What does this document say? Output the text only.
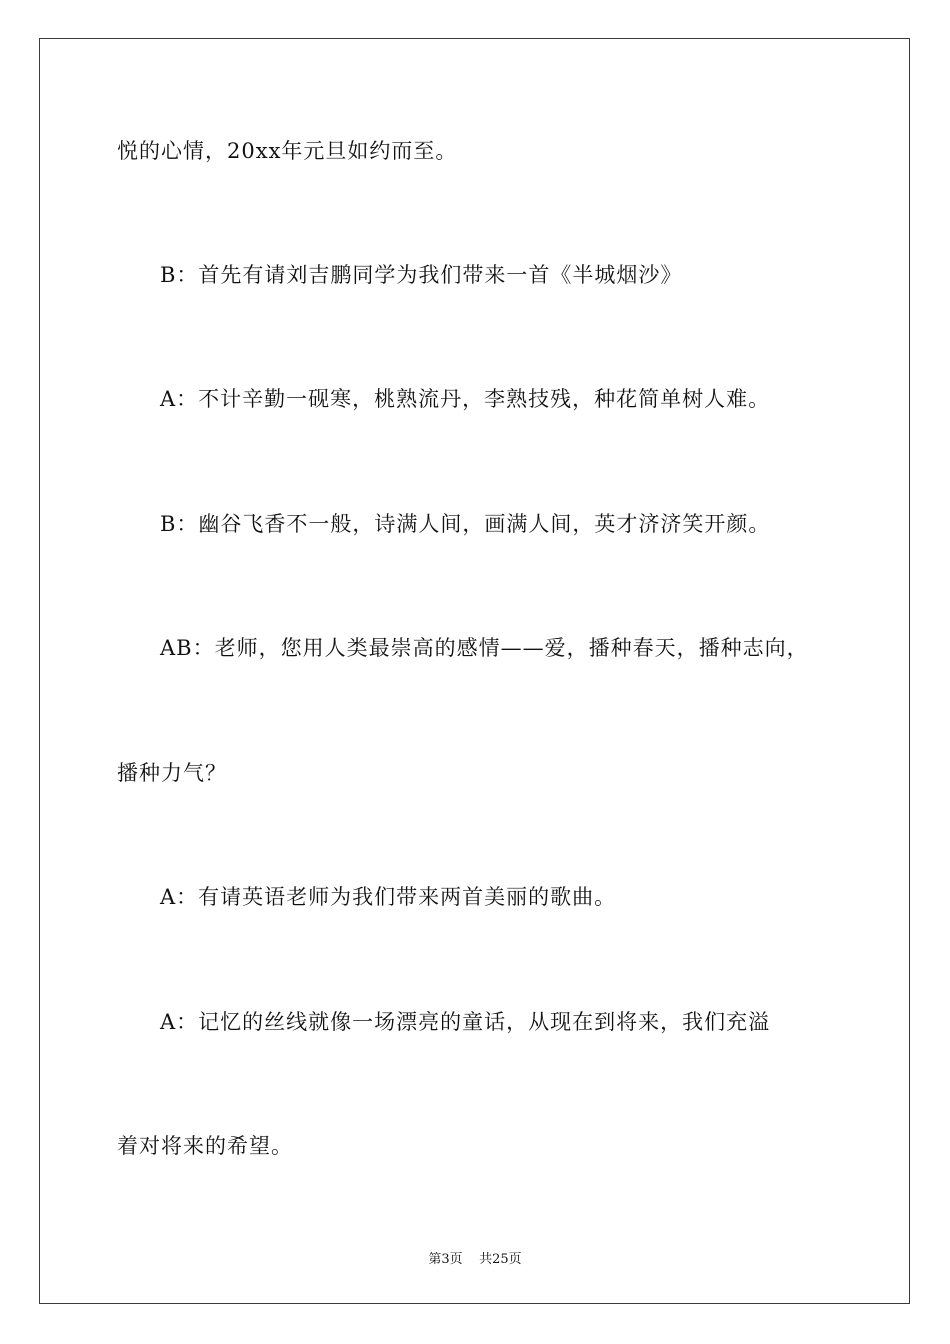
悦的心情，20xx年元旦如约而至。
B：首先有请刘吉鹏同学为我们带来一首《半城烟沙》
A：不计辛勤一砚寒，桃熟流丹，李熟技残，种花简单树人难。
B：幽谷飞香不一般，诗满人间，画满人间，英才济济笑开颜。
AB：老师，您用人类最崇高的感情——爱，播种春天，播种志向，
播种力气？
A：有请英语老师为我们带来两首美丽的歌曲。
A：记忆的丝线就像一场漂亮的童话，从现在到将来，我们充溢
着对将来的希望。
第3页 共25页
